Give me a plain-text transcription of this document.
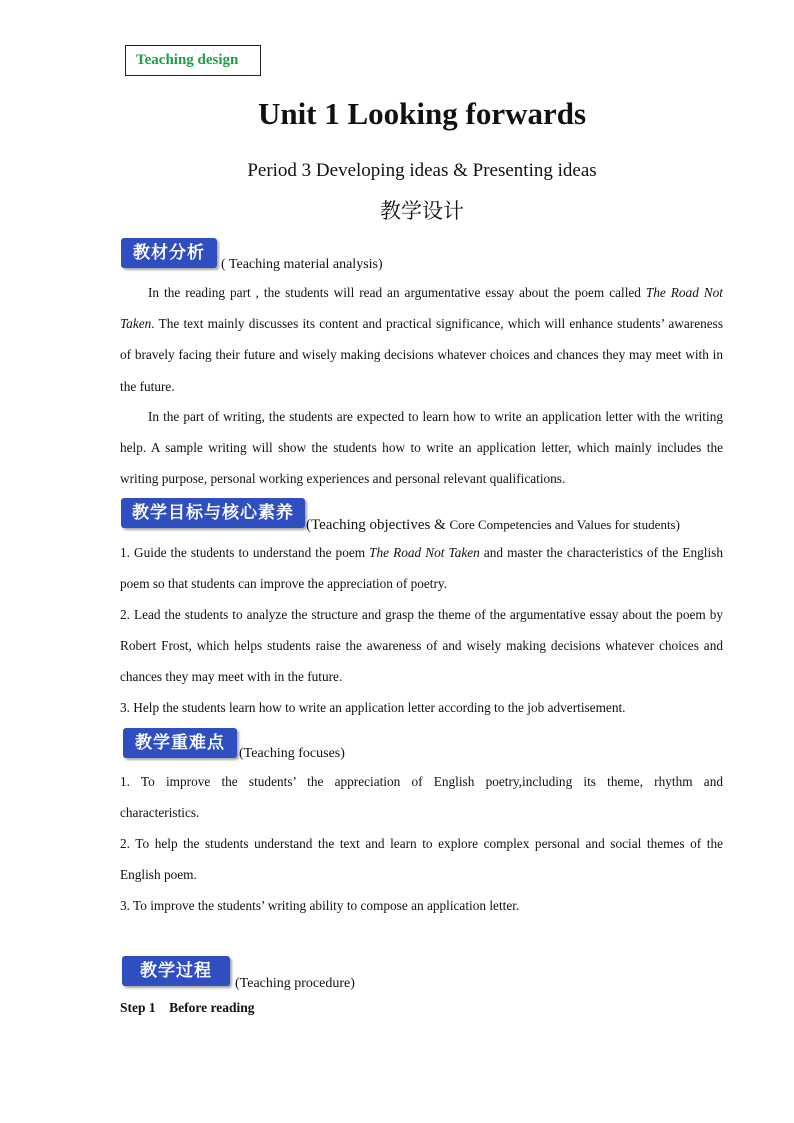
Teaching design
Unit 1 Looking forwards
Period 3 Developing ideas & Presenting ideas
教学设计
教材分析
( Teaching material analysis)
In the reading part , the students will read an argumentative essay about the poem called The Road Not Taken. The text mainly discusses its content and practical significance, which will enhance students’ awareness of bravely facing their future and wisely making decisions whatever choices and chances they may meet with in the future.
In the part of writing, the students are expected to learn how to write an application letter with the writing help. A sample writing will show the students how to write an application letter, which mainly includes the writing purpose, personal working experiences and personal relevant qualifications.
教学目标与核心素养
(Teaching objectives & Core Competencies and Values for students)
1. Guide the students to understand the poem The Road Not Taken and master the characteristics of the English poem so that students can improve the appreciation of poetry.
2. Lead the students to analyze the structure and grasp the theme of the argumentative essay about the poem by Robert Frost, which helps students raise the awareness of and wisely making decisions whatever choices and chances they may meet with in the future.
3. Help the students learn how to write an application letter according to the job advertisement.
教学重难点
(Teaching focuses)
1. To improve the students’ the appreciation of English poetry,including its theme, rhythm and characteristics.
2. To help the students understand the text and learn to explore complex personal and social themes of the English poem.
3. To improve the students’ writing ability to compose an application letter.
教学过程
(Teaching procedure)
Step 1    Before reading
